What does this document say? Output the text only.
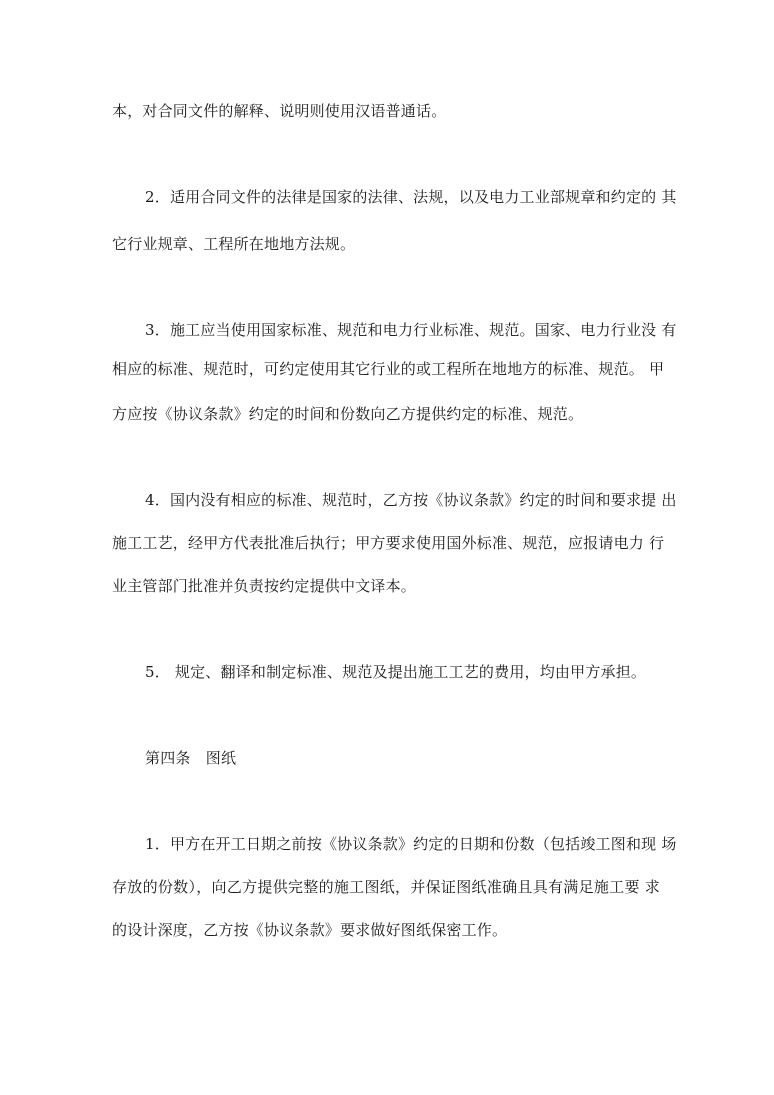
本，对合同文件的解释、说明则使用汉语普通话。
2．适用合同文件的法律是国家的法律、法规，以及电力工业部规章和约定的 其
它行业规章、工程所在地地方法规。
3．施工应当使用国家标准、规范和电力行业标准、规范。国家、电力行业没 有
相应的标准、规范时，可约定使用其它行业的或工程所在地地方的标准、规范。 甲
方应按《协议条款》约定的时间和份数向乙方提供约定的标准、规范。
4．国内没有相应的标准、规范时，乙方按《协议条款》约定的时间和要求提 出
施工工艺，经甲方代表批准后执行；甲方要求使用国外标准、规范，应报请电力 行
业主管部门批准并负责按约定提供中文译本。
5． 规定、翻译和制定标准、规范及提出施工工艺的费用，均由甲方承担。
第四条　图纸
1．甲方在开工日期之前按《协议条款》约定的日期和份数（包括竣工图和现 场
存放的份数），向乙方提供完整的施工图纸，并保证图纸准确且具有满足施工要 求
的设计深度，乙方按《协议条款》要求做好图纸保密工作。
